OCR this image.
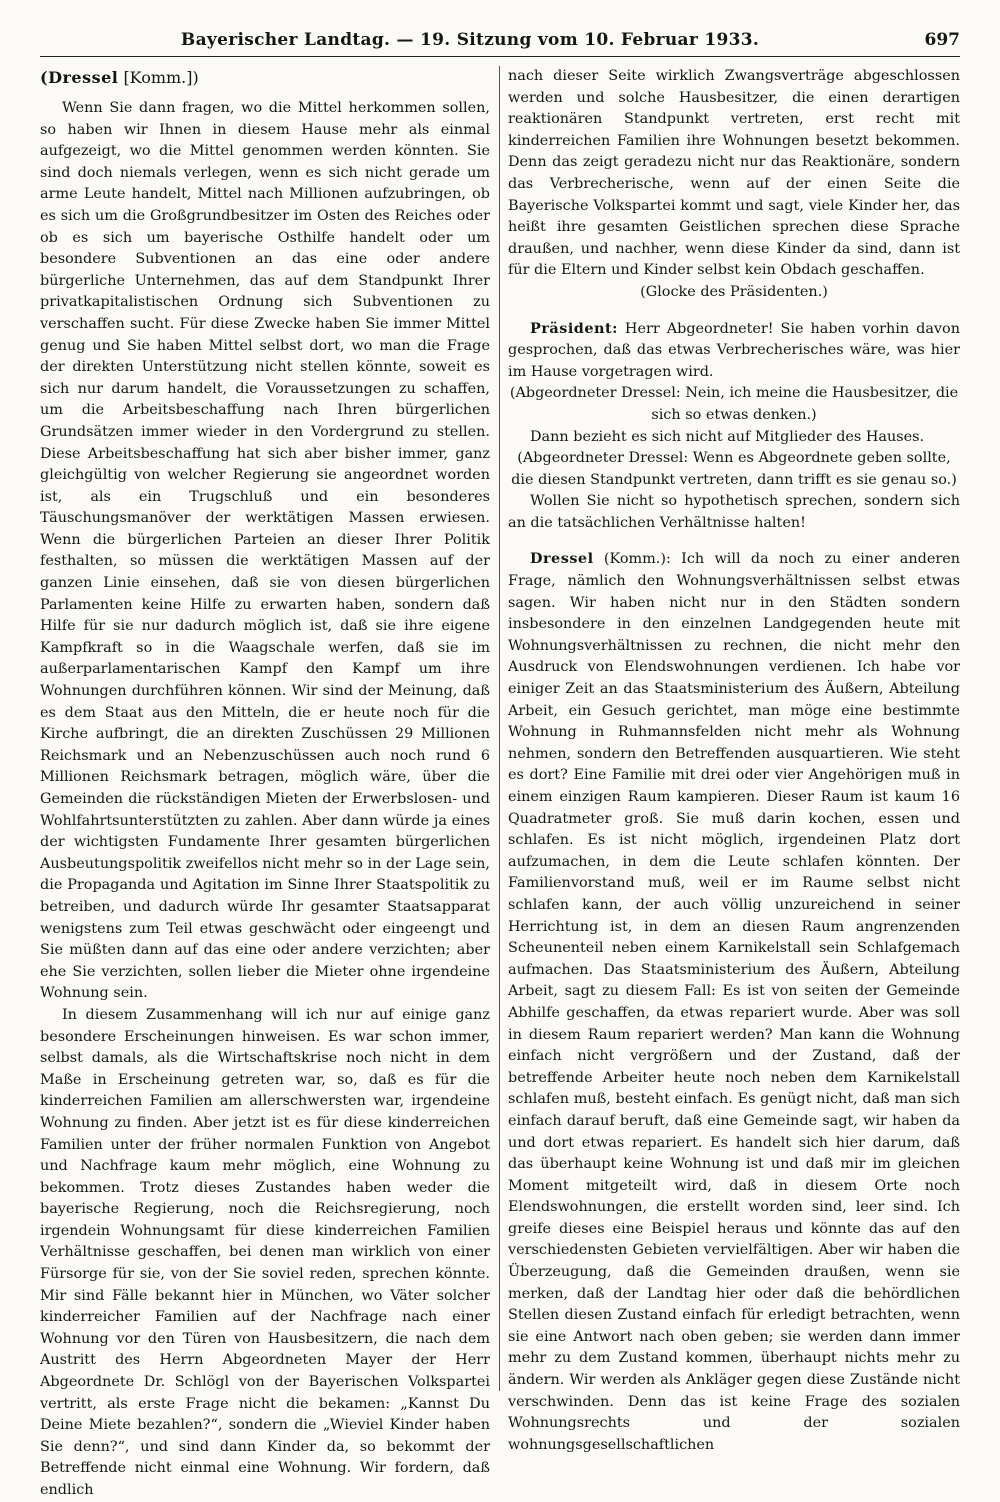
Bayerischer Landtag. — 19. Sitzung vom 10. Februar 1933.	697
(Dressel [Komm.])

Wenn Sie dann fragen, wo die Mittel herkommen sollen, so haben wir Ihnen in diesem Hause mehr als einmal aufgezeigt, wo die Mittel genommen werden könnten. Sie sind doch niemals verlegen, wenn es sich nicht gerade um arme Leute handelt, Mittel nach Millionen aufzubringen, ob es sich um die Großgrundbesitzer im Osten des Reiches oder ob es sich um bayerische Osthilfe handelt oder um besondere Subventionen an das eine oder andere bürgerliche Unternehmen, das auf dem Standpunkt Ihrer privatkapitalistischen Ordnung sich Subventionen zu verschaffen sucht. Für diese Zwecke haben Sie immer Mittel genug und Sie haben Mittel selbst dort, wo man die Frage der direkten Unterstützung nicht stellen könnte, soweit es sich nur darum handelt, die Voraussetzungen zu schaffen, um die Arbeitsbeschaffung nach Ihren bürgerlichen Grundsätzen immer wieder in den Vordergrund zu stellen. Diese Arbeitsbeschaffung hat sich aber bisher immer, ganz gleichgültig von welcher Regierung sie angeordnet worden ist, als ein Trugschluß und ein besonderes Täuschungsmanöver der werktätigen Massen erwiesen. Wenn die bürgerlichen Parteien an dieser Ihrer Politik festhalten, so müssen die werktätigen Massen auf der ganzen Linie einsehen, daß sie von diesen bürgerlichen Parlamenten keine Hilfe zu erwarten haben, sondern daß Hilfe für sie nur dadurch möglich ist, daß sie ihre eigene Kampfkraft so in die Waagschale werfen, daß sie im außerparlamentarischen Kampf den Kampf um ihre Wohnungen durchführen können. Wir sind der Meinung, daß es dem Staat aus den Mitteln, die er heute noch für die Kirche aufbringt, die an direkten Zuschüssen 29 Millionen Reichsmark und an Nebenzuschüssen auch noch rund 6 Millionen Reichsmark betragen, möglich wäre, über die Gemeinden die rückständigen Mieten der Erwerbslosen- und Wohlfahrtsunterstützten zu zahlen. Aber dann würde ja eines der wichtigsten Fundamente Ihrer gesamten bürgerlichen Ausbeutungspolitik zweifellos nicht mehr so in der Lage sein, die Propaganda und Agitation im Sinne Ihrer Staatspolitik zu betreiben, und dadurch würde Ihr gesamter Staatsapparat wenigstens zum Teil etwas geschwächt oder eingeengt und Sie müßten dann auf das eine oder andere verzichten; aber ehe Sie verzichten, sollen lieber die Mieter ohne irgendeine Wohnung sein.

In diesem Zusammenhang will ich nur auf einige ganz besondere Erscheinungen hinweisen. Es war schon immer, selbst damals, als die Wirtschaftskrise noch nicht in dem Maße in Erscheinung getreten war, so, daß es für die kinderreichen Familien am allerschwersten war, irgendeine Wohnung zu finden. Aber jetzt ist es für diese kinderreichen Familien unter der früher normalen Funktion von Angebot und Nachfrage kaum mehr möglich, eine Wohnung zu bekommen. Trotz dieses Zustandes haben weder die bayerische Regierung, noch die Reichsregierung, noch irgendein Wohnungsamt für diese kinderreichen Familien Verhältnisse geschaffen, bei denen man wirklich von einer Fürsorge für sie, von der Sie soviel reden, sprechen könnte. Mir sind Fälle bekannt hier in München, wo Väter solcher kinderreicher Familien auf der Nachfrage nach einer Wohnung vor den Türen von Hausbesitzern, die nach dem Austritt des Herrn Abgeordneten Mayer der Herr Abgeordnete Dr. Schlögl von der Bayerischen Volkspartei vertritt, als erste Frage nicht die bekamen: „Kannst Du Deine Miete bezahlen?“, sondern die „Wieviel Kinder haben Sie denn?“, und sind dann Kinder da, so bekommt der Betreffende nicht einmal eine Wohnung. Wir fordern, daß endlich

nach dieser Seite wirklich Zwangsverträge abgeschlossen werden und solche Hausbesitzer, die einen derartigen reaktionären Standpunkt vertreten, erst recht mit kinderreichen Familien ihre Wohnungen besetzt bekommen. Denn das zeigt geradezu nicht nur das Reaktionäre, sondern das Verbrecherische, wenn auf der einen Seite die Bayerische Volkspartei kommt und sagt, viele Kinder her, das heißt ihre gesamten Geistlichen sprechen diese Sprache draußen, und nachher, wenn diese Kinder da sind, dann ist für die Eltern und Kinder selbst kein Obdach geschaffen.

(Glocke des Präsidenten.)

Präsident: Herr Abgeordneter! Sie haben vorhin davon gesprochen, daß das etwas Verbrecherisches wäre, was hier im Hause vorgetragen wird.

(Abgeordneter Dressel: Nein, ich meine die Hausbesitzer, die sich so etwas denken.)

Dann bezieht es sich nicht auf Mitglieder des Hauses.

(Abgeordneter Dressel: Wenn es Abgeordnete geben sollte, die diesen Standpunkt vertreten, dann trifft es sie genau so.)

Wollen Sie nicht so hypothetisch sprechen, sondern sich an die tatsächlichen Verhältnisse halten!

Dressel (Komm.): Ich will da noch zu einer anderen Frage, nämlich den Wohnungsverhältnissen selbst etwas sagen. Wir haben nicht nur in den Städten sondern insbesondere in den einzelnen Landgegenden heute mit Wohnungsverhältnissen zu rechnen, die nicht mehr den Ausdruck von Elendswohnungen verdienen. Ich habe vor einiger Zeit an das Staatsministerium des Äußern, Abteilung Arbeit, ein Gesuch gerichtet, man möge eine bestimmte Wohnung in Ruhmannsfelden nicht mehr als Wohnung nehmen, sondern den Betreffenden ausquartieren. Wie steht es dort? Eine Familie mit drei oder vier Angehörigen muß in einem einzigen Raum kampieren. Dieser Raum ist kaum 16 Quadratmeter groß. Sie muß darin kochen, essen und schlafen. Es ist nicht möglich, irgendeinen Platz dort aufzumachen, in dem die Leute schlafen könnten. Der Familienvorstand muß, weil er im Raume selbst nicht schlafen kann, der auch völlig unzureichend in seiner Herrichtung ist, in dem an diesen Raum angrenzenden Scheunenteil neben einem Karnikelstall sein Schlafgemach aufmachen. Das Staatsministerium des Äußern, Abteilung Arbeit, sagt zu diesem Fall: Es ist von seiten der Gemeinde Abhilfe geschaffen, da etwas repariert wurde. Aber was soll in diesem Raum repariert werden? Man kann die Wohnung einfach nicht vergrößern und der Zustand, daß der betreffende Arbeiter heute noch neben dem Karnikelstall schlafen muß, besteht einfach. Es genügt nicht, daß man sich einfach darauf beruft, daß eine Gemeinde sagt, wir haben da und dort etwas repariert. Es handelt sich hier darum, daß das überhaupt keine Wohnung ist und daß mir im gleichen Moment mitgeteilt wird, daß in diesem Orte noch Elendswohnungen, die erstellt worden sind, leer sind. Ich greife dieses eine Beispiel heraus und könnte das auf den verschiedensten Gebieten vervielfältigen. Aber wir haben die Überzeugung, daß die Gemeinden draußen, wenn sie merken, daß der Landtag hier oder daß die behördlichen Stellen diesen Zustand einfach für erledigt betrachten, wenn sie eine Antwort nach oben geben; sie werden dann immer mehr zu dem Zustand kommen, überhaupt nichts mehr zu ändern. Wir werden als Ankläger gegen diese Zustände nicht verschwinden. Denn das ist keine Frage des sozialen Wohnungsrechts und der sozialen wohnungsgesellschaftlichen
